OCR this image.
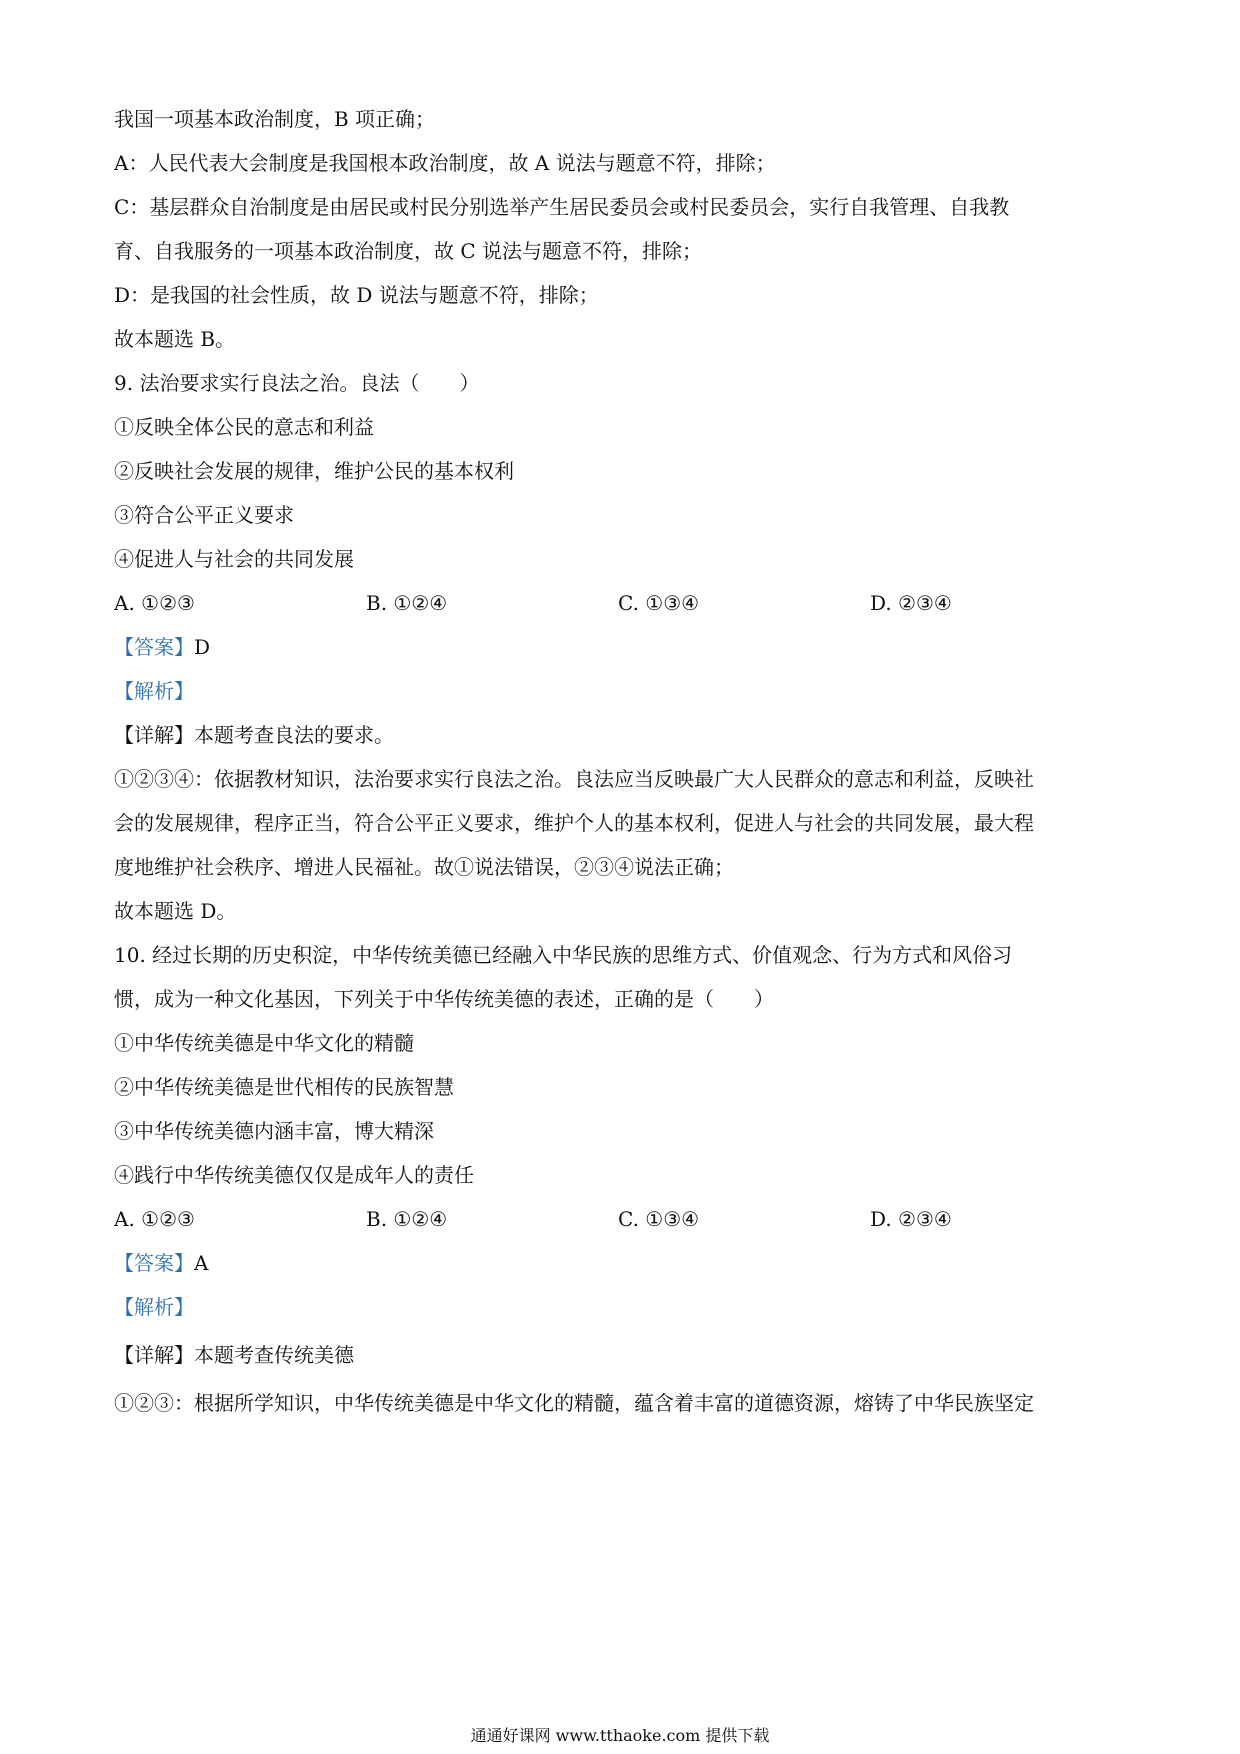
我国一项基本政治制度，B 项正确；
A：人民代表大会制度是我国根本政治制度，故 A 说法与题意不符，排除；
C：基层群众自治制度是由居民或村民分别选举产生居民委员会或村民委员会，实行自我管理、自我教
育、自我服务的一项基本政治制度，故 C 说法与题意不符，排除；
D：是我国的社会性质，故 D 说法与题意不符，排除；
故本题选 B。
9. 法治要求实行良法之治。良法（　　）
①反映全体公民的意志和利益
②反映社会发展的规律，维护公民的基本权利
③符合公平正义要求
④促进人与社会的共同发展
A. ①②③	B. ①②④	C. ①③④	D. ②③④
【答案】D
【解析】
【详解】本题考查良法的要求。
①②③④：依据教材知识，法治要求实行良法之治。良法应当反映最广大人民群众的意志和利益，反映社
会的发展规律，程序正当，符合公平正义要求，维护个人的基本权利，促进人与社会的共同发展，最大程
度地维护社会秩序、增进人民福祉。故①说法错误，②③④说法正确；
故本题选 D。
10. 经过长期的历史积淀，中华传统美德已经融入中华民族的思维方式、价值观念、行为方式和风俗习
惯，成为一种文化基因，下列关于中华传统美德的表述，正确的是（　　）
①中华传统美德是中华文化的精髓
②中华传统美德是世代相传的民族智慧
③中华传统美德内涵丰富，博大精深
④践行中华传统美德仅仅是成年人的责任
A. ①②③	B. ①②④	C. ①③④	D. ②③④
【答案】A
【解析】
【详解】本题考查传统美德
①②③：根据所学知识，中华传统美德是中华文化的精髓，蕴含着丰富的道德资源，熔铸了中华民族坚定
通通好课网 www.tthaoke.com 提供下载
